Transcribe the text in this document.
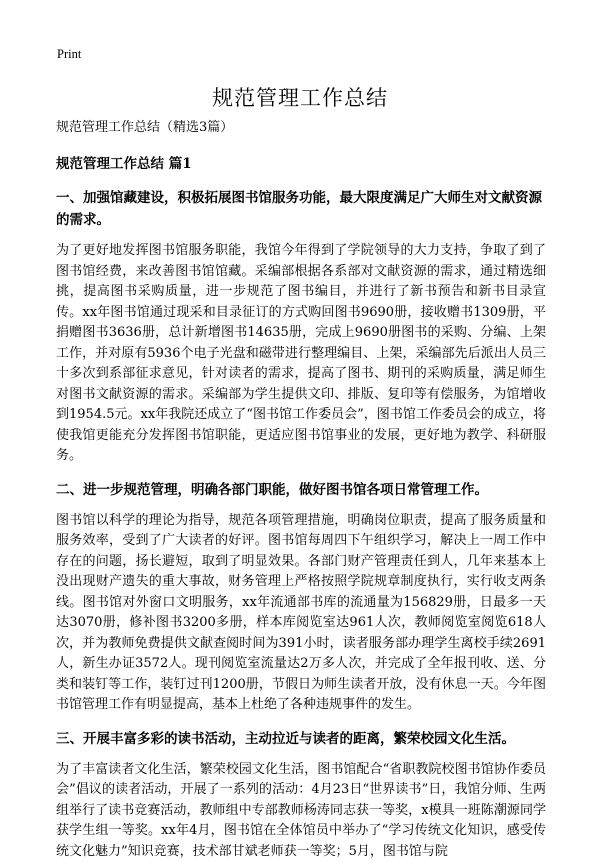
Print
规范管理工作总结

规范管理工作总结（精选3篇）

规范管理工作总结 篇1

一、加强馆藏建设，积极拓展图书馆服务功能，最大限度满足广大师生对文献资源的需求。

为了更好地发挥图书馆服务职能，我馆今年得到了学院领导的大力支持，争取了到了图书馆经费，来改善图书馆馆藏。采编部根据各系部对文献资源的需求，通过精选细挑，提高图书采购质量，进一步规范了图书编目，并进行了新书预告和新书目录宣传。xx年图书馆通过现采和目录征订的方式购回图书9690册，接收赠书1309册，平捐赠图书3636册，总计新增图书14635册，完成上9690册图书的采购、分编、上架工作，并对原有5936个电子光盘和磁带进行整理编目、上架，采编部先后派出人员三十多次到系部征求意见，针对读者的需求，提高了图书、期刊的采购质量，满足师生对图书文献资源的需求。采编部为学生提供文印、排版、复印等有偿服务，为馆增收到1954.5元。xx年我院还成立了“图书馆工作委员会”，图书馆工作委员会的成立，将使我馆更能充分发挥图书馆职能，更适应图书馆事业的发展，更好地为教学、科研服务。

二、进一步规范管理，明确各部门职能，做好图书馆各项日常管理工作。

图书馆以科学的理论为指导，规范各项管理措施，明确岗位职责，提高了服务质量和服务效率，受到了广大读者的好评。图书馆每周四下午组织学习，解决上一周工作中存在的问题，扬长避短，取到了明显效果。各部门财产管理责任到人，几年来基本上没出现财产遗失的重大事故，财务管理上严格按照学院规章制度执行，实行收支两条线。图书馆对外窗口文明服务，xx年流通部书库的流通量为156829册，日最多一天达3070册，修补图书3200多册，样本库阅览室达961人次，教师阅览室阅览618人次，并为教师免费提供文献查阅时间为391小时，读者服务部办理学生离校手续2691人，新生办证3572人。现刊阅览室流量达2万多人次，并完成了全年报刊收、送、分类和装钉等工作，装钉过刊1200册，节假日为师生读者开放，没有休息一天。今年图书馆管理工作有明显提高，基本上杜绝了各种违规事件的发生。

三、开展丰富多彩的读书活动，主动拉近与读者的距离，繁荣校园文化生活。

为了丰富读者文化生活，繁荣校园文化生活，图书馆配合“省职教院校图书馆协作委员会”倡议的读者活动，开展了一系列的活动：4月23日“世界读书”日，我馆分师、生两组举行了读书竞赛活动，教师组中专部教师杨涛同志获一等奖，x模具一班陈潮源同学获学生组一等奖。xx年4月，图书馆在全体馆员中举办了“学习传统文化知识，感受传统文化魅力”知识竞赛，技术部甘斌老师获一等奖；5月，图书馆与院
